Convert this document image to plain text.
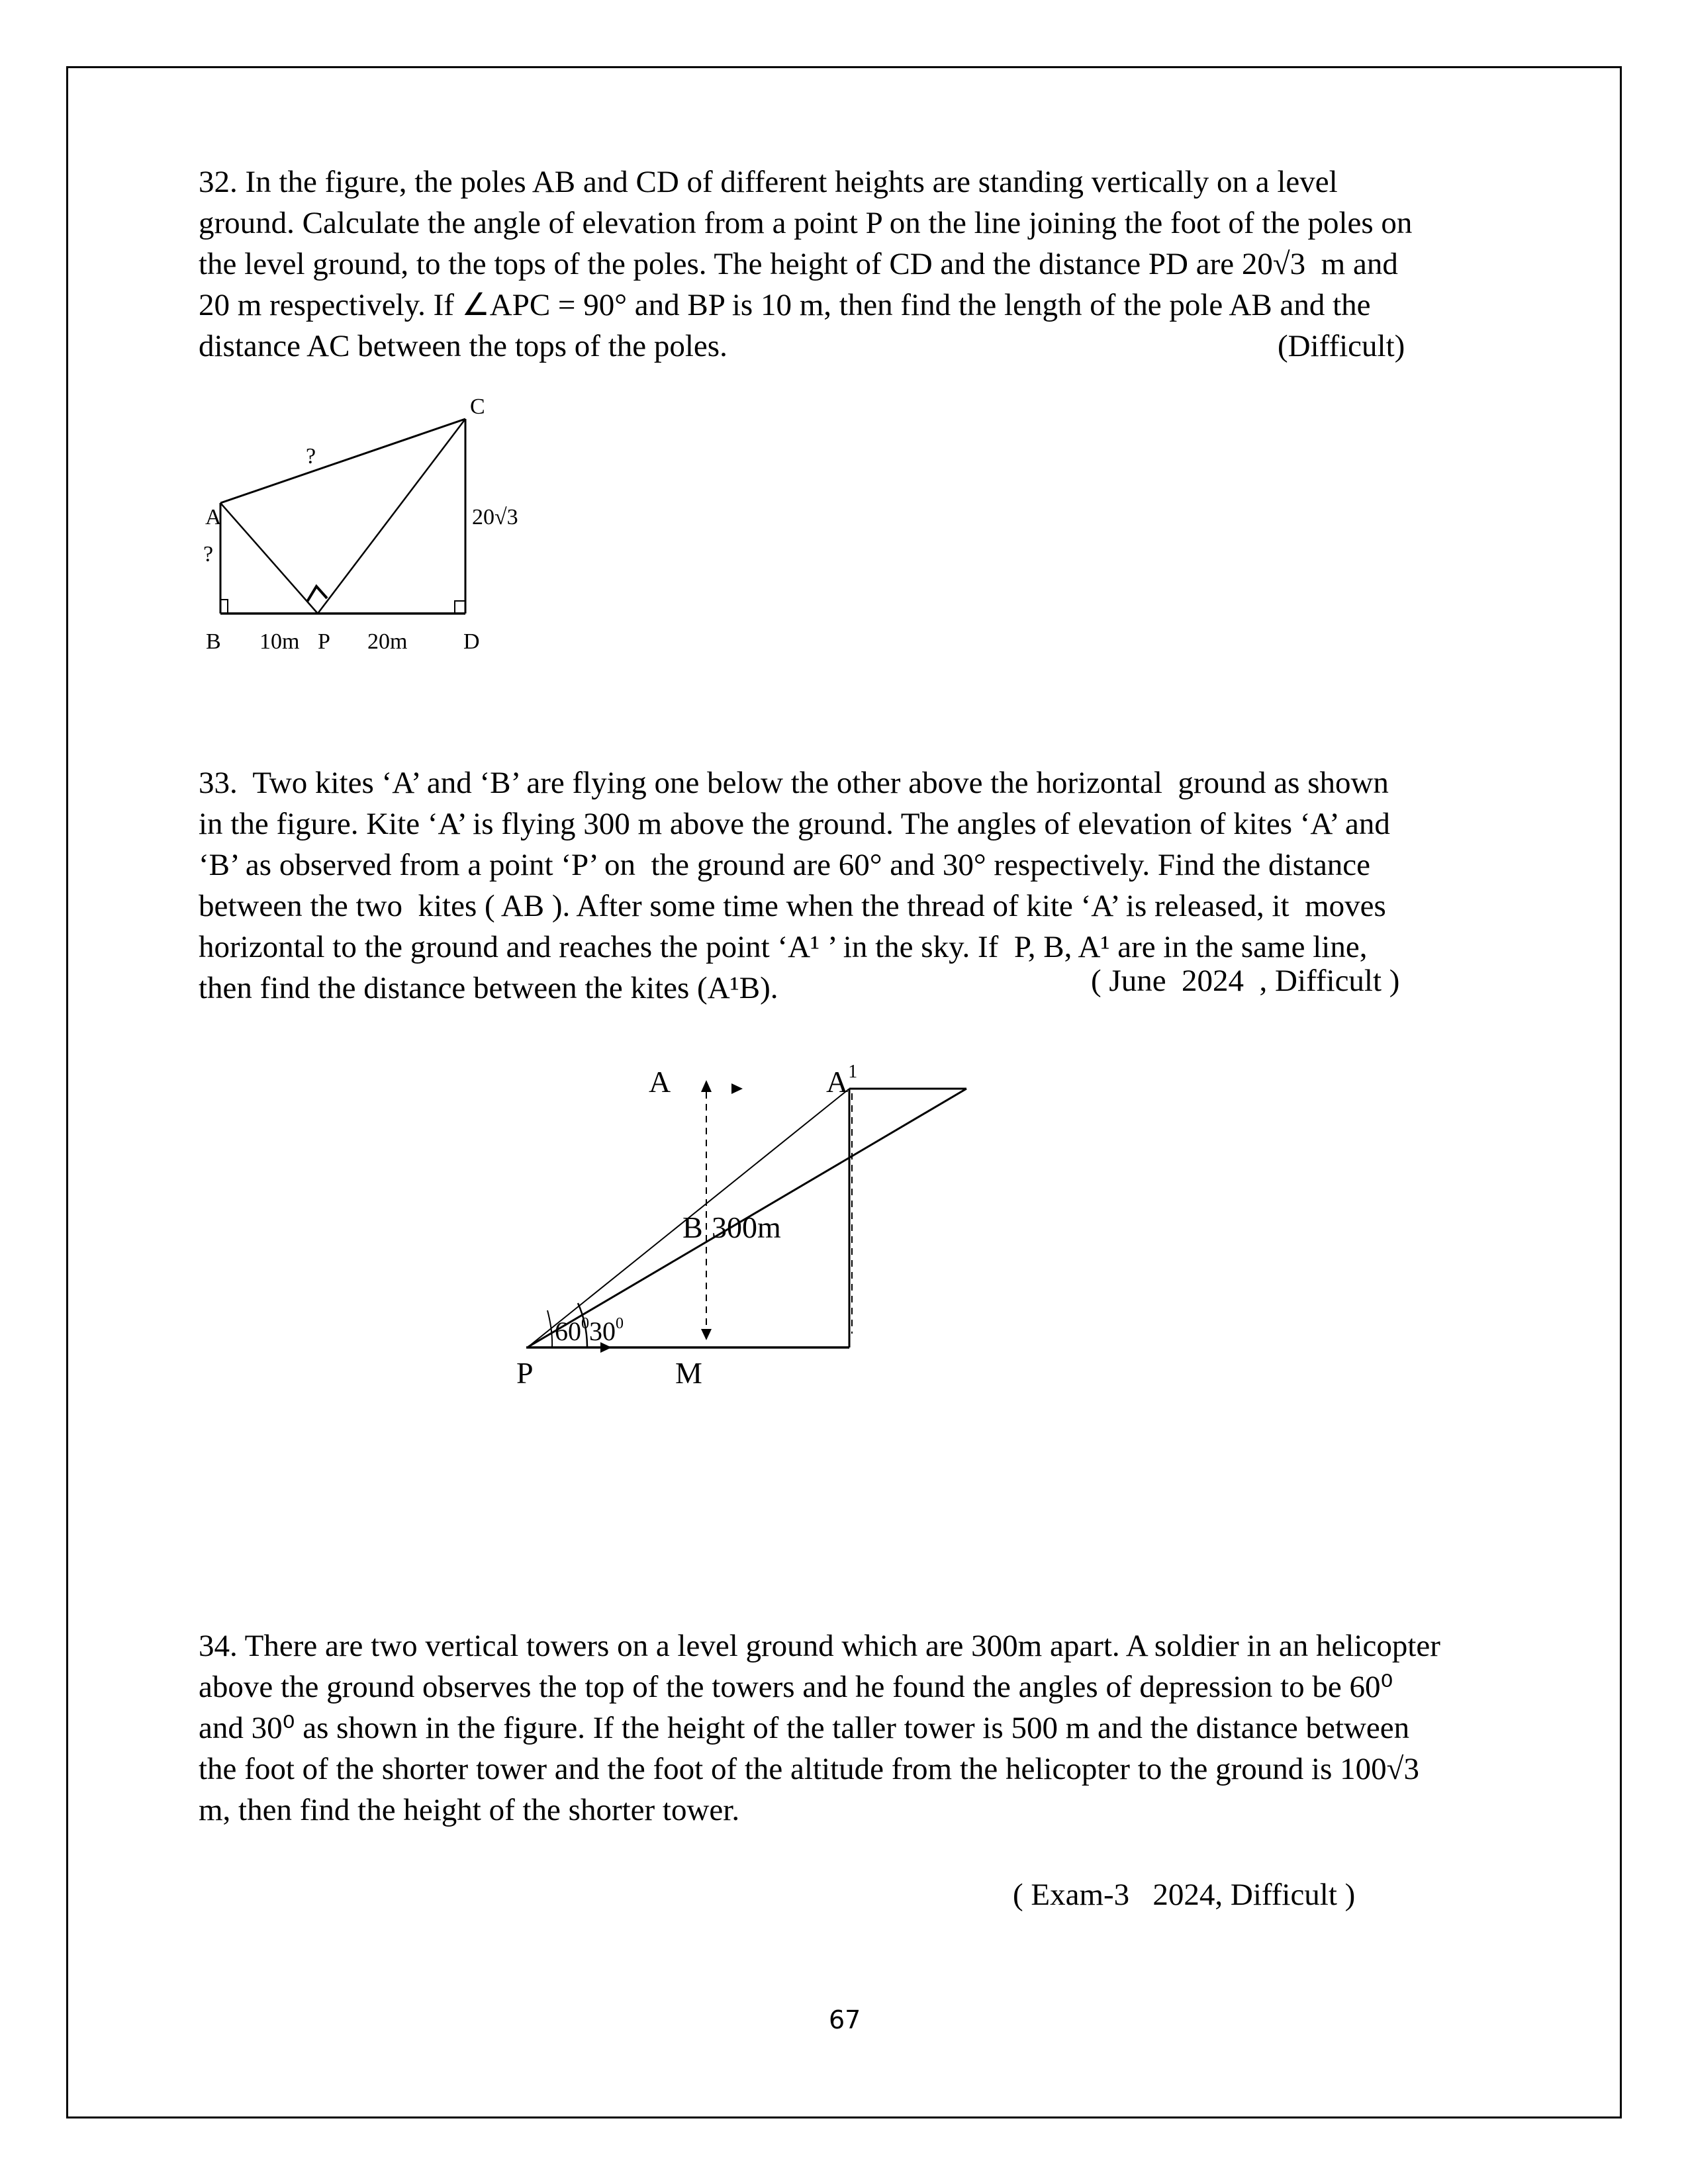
32. In the figure, the poles AB and CD of different heights are standing vertically on a level
ground. Calculate the angle of elevation from a point P on the line joining the foot of the poles on
the level ground, to the tops of the poles. The height of CD and the distance PD are 20√3  m and
20 m respectively. If ∠APC = 90° and BP is 10 m, then find the length of the pole AB and the
distance AC between the tops of the poles.	(Difficult)
C
?
A	20√3
?
B 10m P 20m D
33.  Two kites ‘A’ and ‘B’ are flying one below the other above the horizontal  ground as shown
in the figure. Kite ‘A’ is flying 300 m above the ground. The angles of elevation of kites ‘A’ and
‘B’ as observed from a point ‘P’ on  the ground are 60° and 30° respectively. Find the distance
between the two  kites ( AB ). After some time when the thread of kite ‘A’ is released, it  moves
horizontal to the ground and reaches the point ‘A¹ ’ in the sky. If  P, B, A¹ are in the same line,
then find the distance between the kites (A¹B).	( June  2024  , Difficult )
A	$A^1$
B 300m
$60^0$ $30^0$
P	M
34. There are two vertical towers on a level ground which are 300m apart. A soldier in an helicopter
above the ground observes the top of the towers and he found the angles of depression to be 60⁰
and 30⁰ as shown in the figure. If the height of the taller tower is 500 m and the distance between
the foot of the shorter tower and the foot of the altitude from the helicopter to the ground is 100√3
m, then find the height of the shorter tower.
( Exam-3   2024, Difficult )
67
